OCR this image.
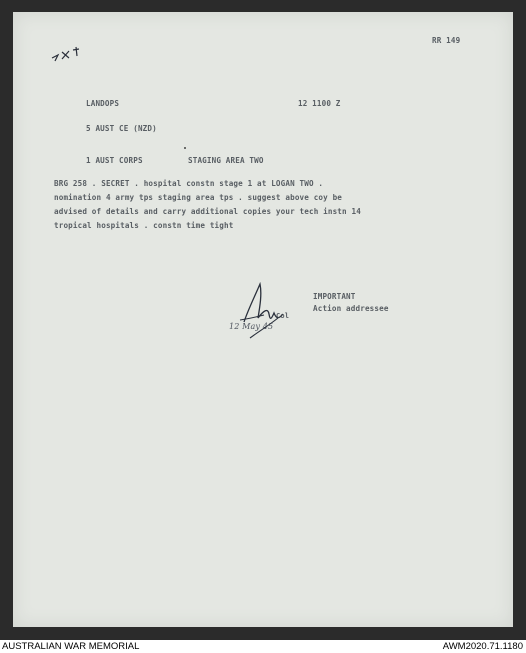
RR 149
LANDOPS	12 1100 Z
5 AUST CE (NZD)
1 AUST CORPS	STAGING AREA TWO
BRG 258 . SECRET . hospital constn stage 1 at LOGAN TWO .
nomination 4 army tps staging area tps . suggest above coy be
advised of details and carry additional copies your tech instn 14
tropical hospitals . constn time tight
Col
12 May 45
IMPORTANT
Action addressee
AUSTRALIAN WAR MEMORIAL	AWM2020.71.1180
